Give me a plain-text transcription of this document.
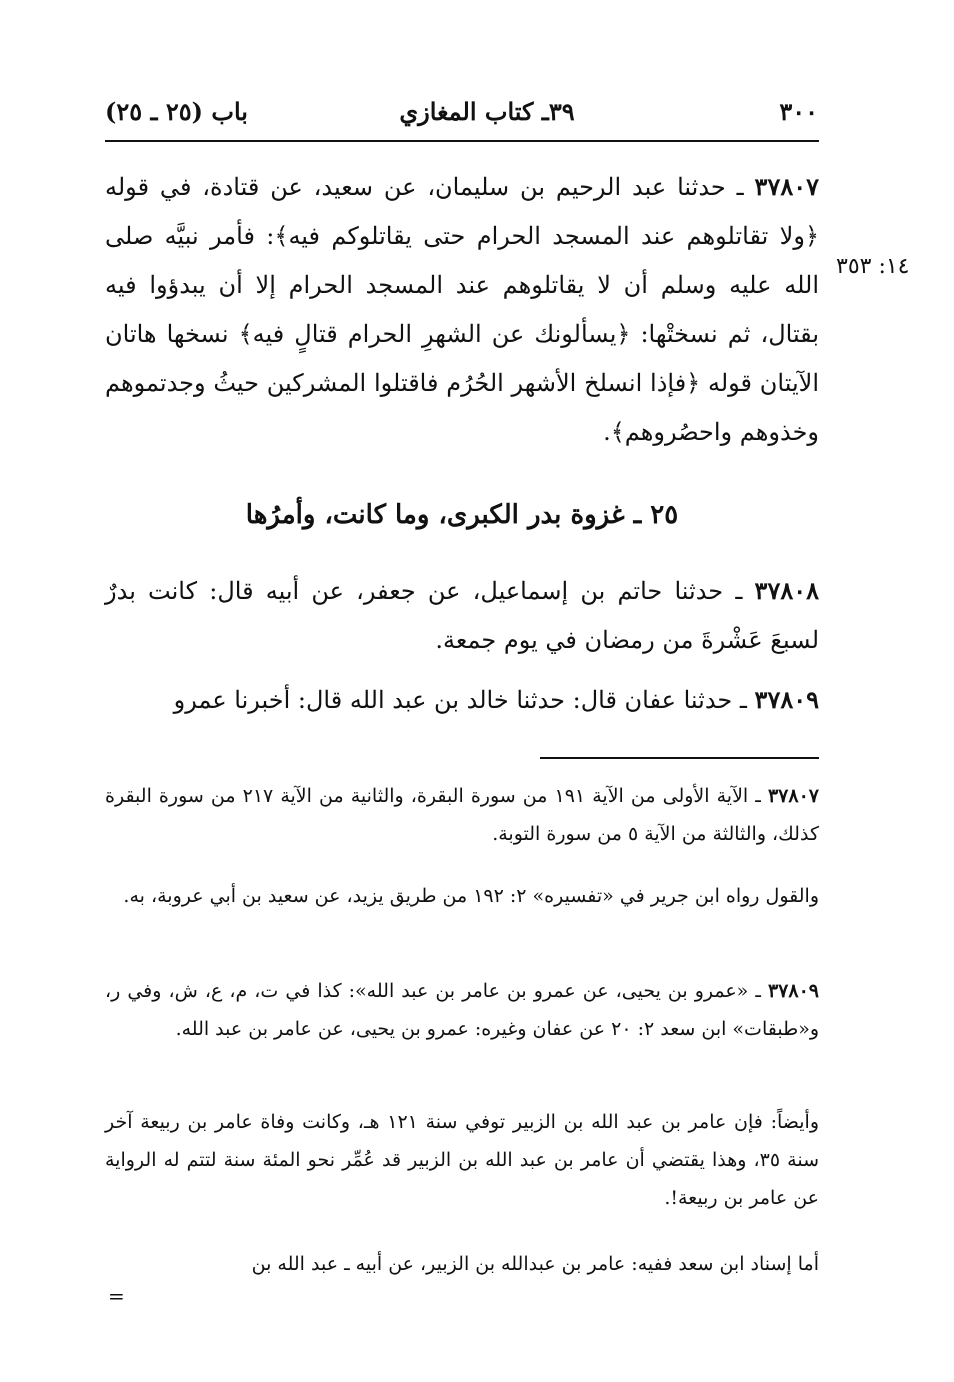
٣٠٠
٣٩ـ كتاب المغازي
باب (٢٥ ـ ٢٥)
١٤: ٣٥٣
٣٧٨٠٧ ـ حدثنا عبد الرحيم بن سليمان، عن سعيد، عن قتادة، في قوله ﴿ولا تقاتلوهم عند المسجد الحرام حتى يقاتلوكم فيه﴾: فأمر نبيَّه صلى الله عليه وسلم أن لا يقاتلوهم عند المسجد الحرام إلا أن يبدؤوا فيه بقتال، ثم نسختْها: ﴿يسألونك عن الشهرِ الحرام قتالٍ فيه﴾ نسخها هاتان الآيتان قوله ﴿فإذا انسلخ الأشهر الحُرُم فاقتلوا المشركين حيثُ وجدتموهم وخذوهم واحصُروهم﴾.
٢٥ ـ غزوة بدر الكبرى، وما كانت، وأمرُها
٣٧٨٠٨ ـ حدثنا حاتم بن إسماعيل، عن جعفر، عن أبيه قال: كانت بدرٌ لسبعَ عَشْرةَ من رمضان في يوم جمعة.
٣٧٨٠٩ ـ حدثنا عفان قال: حدثنا خالد بن عبد الله قال: أخبرنا عمرو
٣٧٨٠٧ ـ الآية الأولى من الآية ١٩١ من سورة البقرة، والثانية من الآية ٢١٧ من سورة البقرة كذلك، والثالثة من الآية ٥ من سورة التوبة.
والقول رواه ابن جرير في «تفسيره» ٢: ١٩٢ من طريق يزيد، عن سعيد بن أبي عروبة، به.
٣٧٨٠٩ ـ «عمرو بن يحيى، عن عمرو بن عامر بن عبد الله»: كذا في ت، م، ع، ش، وفي ر، و«طبقات» ابن سعد ٢: ٢٠ عن عفان وغيره: عمرو بن يحيى، عن عامر بن عبد الله.
وأيضاً: فإن عامر بن عبد الله بن الزبير توفي سنة ١٢١ هـ، وكانت وفاة عامر بن ربيعة آخر سنة ٣٥، وهذا يقتضي أن عامر بن عبد الله بن الزبير قد عُمِّر نحو المئة سنة لتتم له الرواية عن عامر بن ربيعة!.
أما إسناد ابن سعد ففيه: عامر بن عبدالله بن الزبير، عن أبيه ـ عبد الله بن
=
